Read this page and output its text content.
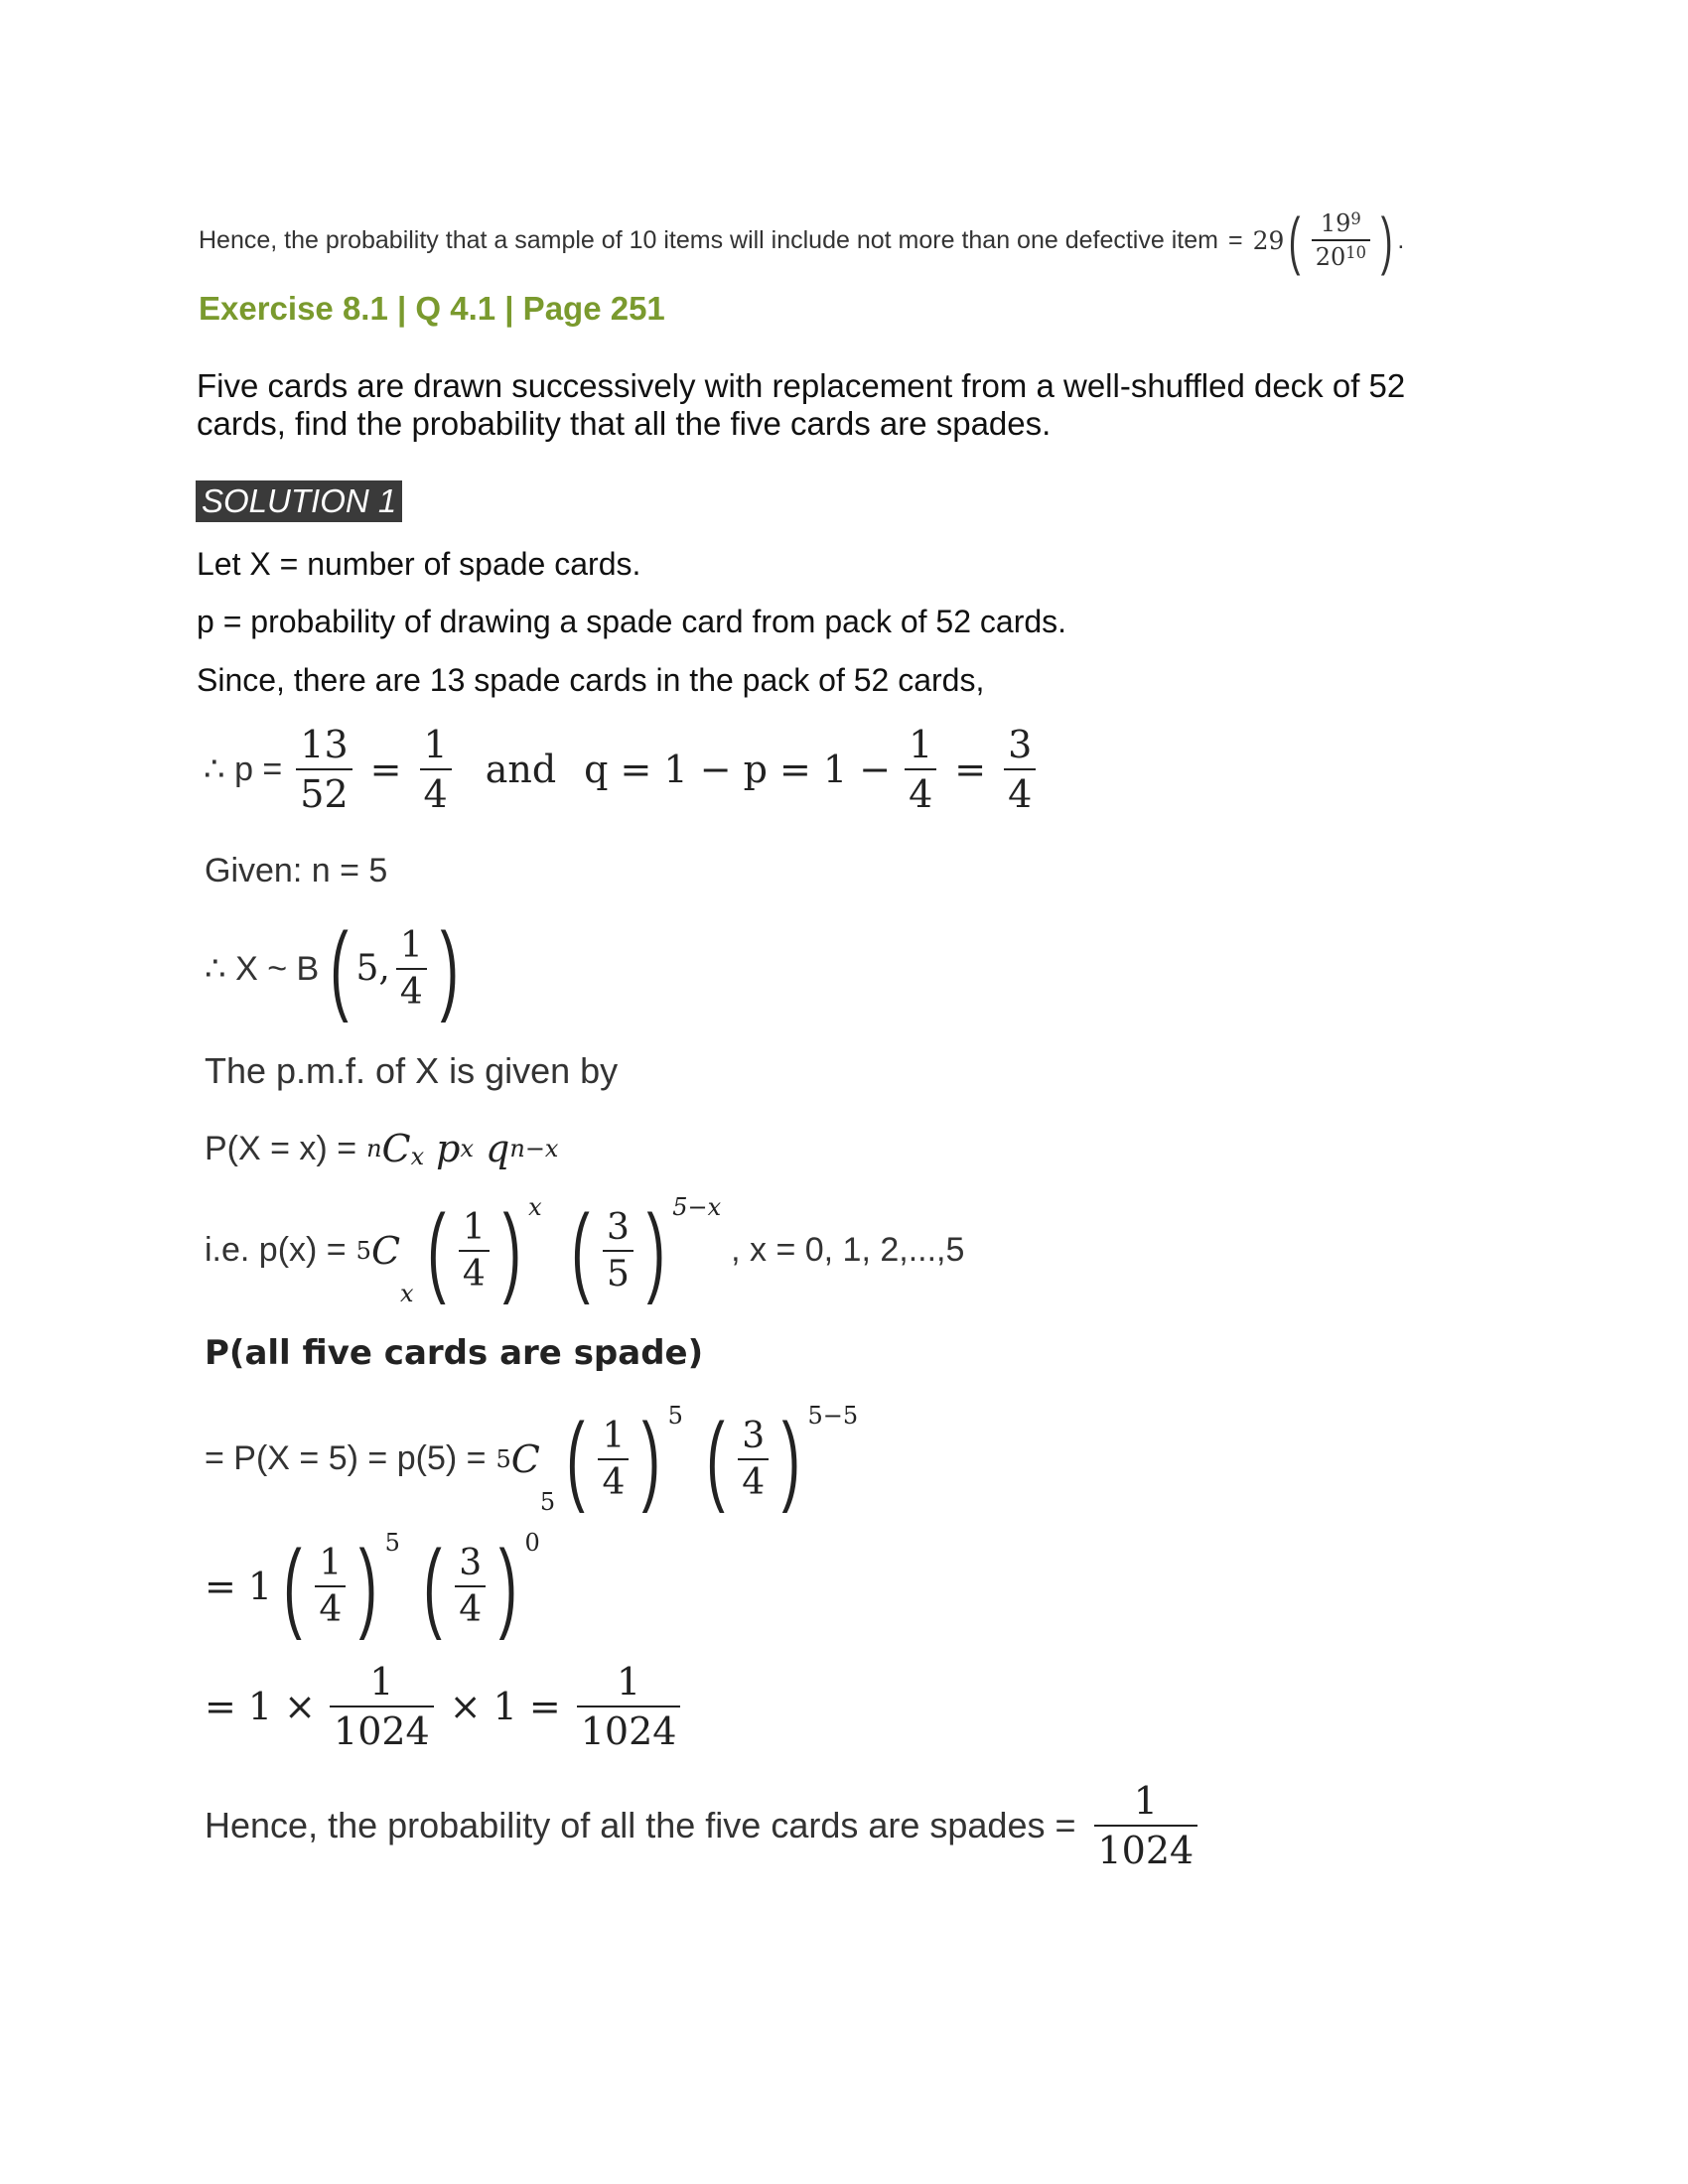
Hence, the probability that a sample of 10 items will include not more than one defective item = 29 ( $\frac{199}{2010}$ ) .
Exercise 8.1 | Q 4.1 | Page 251
Five cards are drawn successively with replacement from a well-shuffled deck of 52
cards, find the probability that all the five cards are spades.
SOLUTION 1
Let X = number of spade cards.
p = probability of drawing a spade card from pack of 52 cards.
Since, there are 13 spade cards in the pack of 52 cards,
∴ $p = \frac{13}{52} = \frac{1}{4}$ and $q = 1 - p = 1 - \frac{1}{4} = \frac{3}{4}$
Given: n = 5
∴ X ~ B ( 5, $\frac{1}{4}$ )
The p.m.f. of X is given by
P(X = x) = n C x p x q n−x
i.e. p(x) = 5 C
x ( $\frac{1}{4}$ ) x ( $\frac{3}{5}$ ) 5−x
, x = 0, 1, 2,...,5
P(all five cards are spade)
= P(X = 5) = p(5) = 5 C
5 ( $\frac{1}{4}$ ) 5 ( $\frac{3}{4}$ ) 5−5
= 1 ( $\frac{1}{4}$ ) 5 ( $\frac{3}{4}$ ) 0
= $1 \times \frac{1}{1024} \times 1 = \frac{1}{1024}$
Hence, the probability of all the five cards are spades = $\frac{1}{1024}$
